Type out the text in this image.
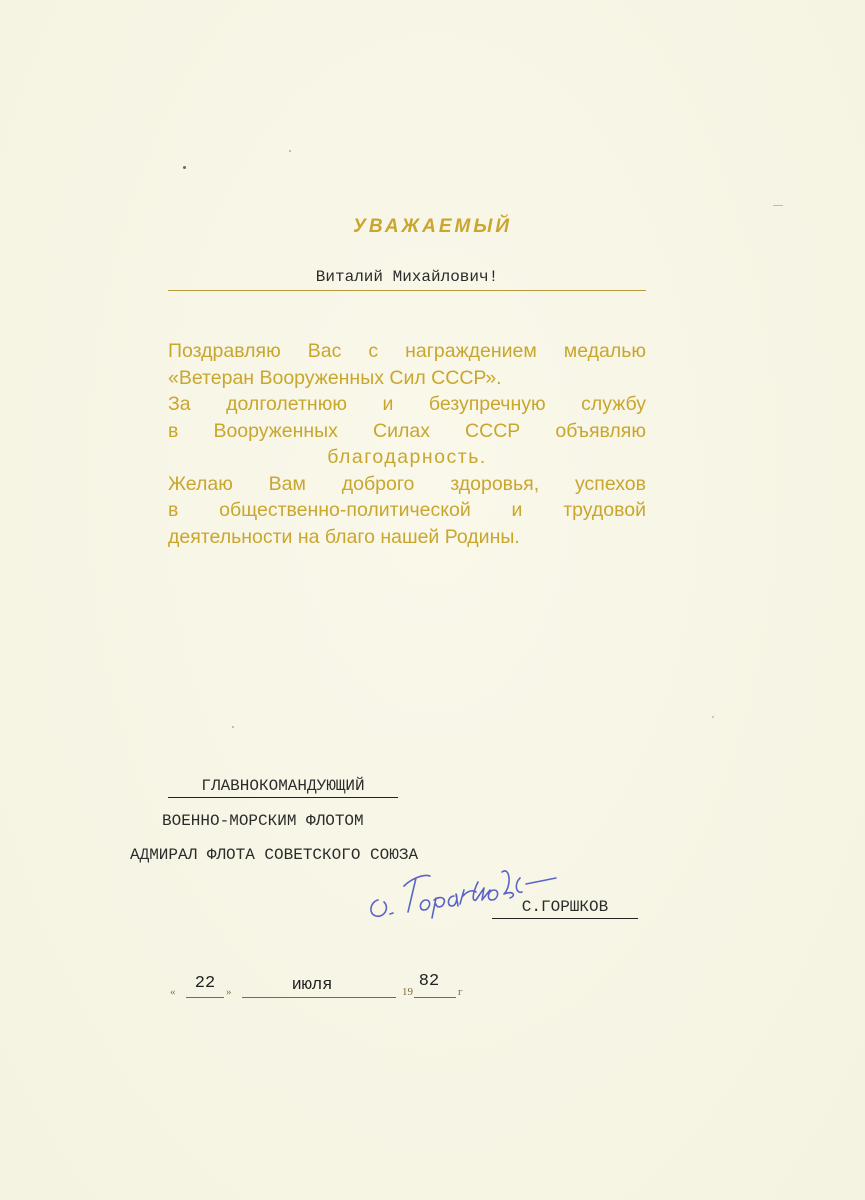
УВАЖАЕМЫЙ
Виталий Михайлович!
Поздравляю Вас с награждением медалью
«Ветеран Вооруженных Сил СССР».
За долголетнюю и безупречную службу
в Вооруженных Силах СССР объявляю
благодарность.
Желаю Вам доброго здоровья, успехов
в общественно-политической и трудовой
деятельности на благо нашей Родины.
ГЛАВНОКОМАНДУЮЩИЙ
ВОЕННО-МОРСКИМ ФЛОТОМ
АДМИРАЛ ФЛОТА СОВЕТСКОГО СОЮЗА
С.ГОРШКОВ
«	22 »	июля	19
82
г
